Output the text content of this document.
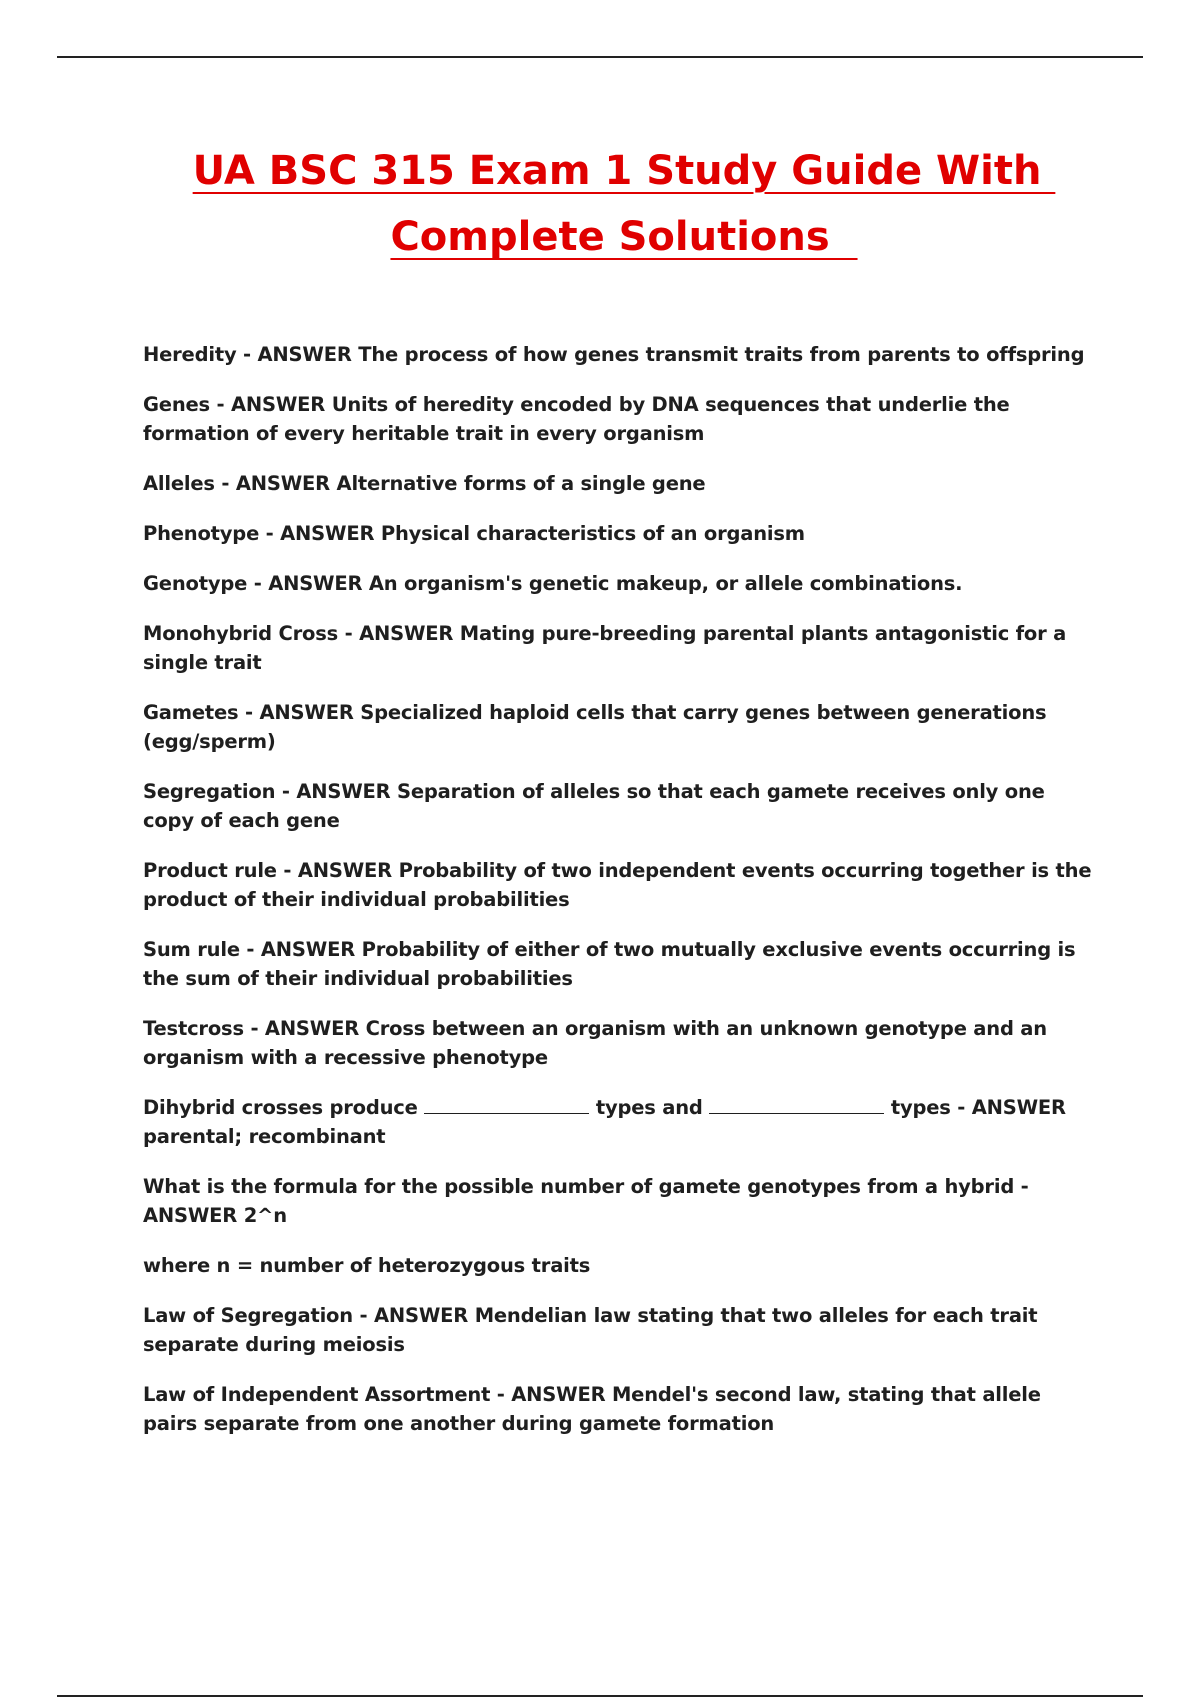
UA BSC 315 Exam 1 Study Guide With  Complete Solutions

Heredity - ANSWER The process of how genes transmit traits from parents to offspring

Genes - ANSWER Units of heredity encoded by DNA sequences that underlie the formation of every heritable trait in every organism

Alleles - ANSWER Alternative forms of a single gene

Phenotype - ANSWER Physical characteristics of an organism

Genotype - ANSWER An organism's genetic makeup, or allele combinations.

Monohybrid Cross - ANSWER Mating pure-breeding parental plants antagonistic for a single trait

Gametes - ANSWER Specialized haploid cells that carry genes between generations (egg/sperm)

Segregation - ANSWER Separation of alleles so that each gamete receives only one copy of each gene

Product rule - ANSWER Probability of two independent events occurring together is the product of their individual probabilities

Sum rule - ANSWER Probability of either of two mutually exclusive events occurring is the sum of their individual probabilities

Testcross - ANSWER Cross between an organism with an unknown genotype and an organism with a recessive phenotype

Dihybrid crosses produce	types and	types - ANSWER parental; recombinant

What is the formula for the possible number of gamete genotypes from a hybrid - ANSWER 2^n

where n = number of heterozygous traits

Law of Segregation - ANSWER Mendelian law stating that two alleles for each trait separate during meiosis

Law of Independent Assortment - ANSWER Mendel's second law, stating that allele pairs separate from one another during gamete formation
